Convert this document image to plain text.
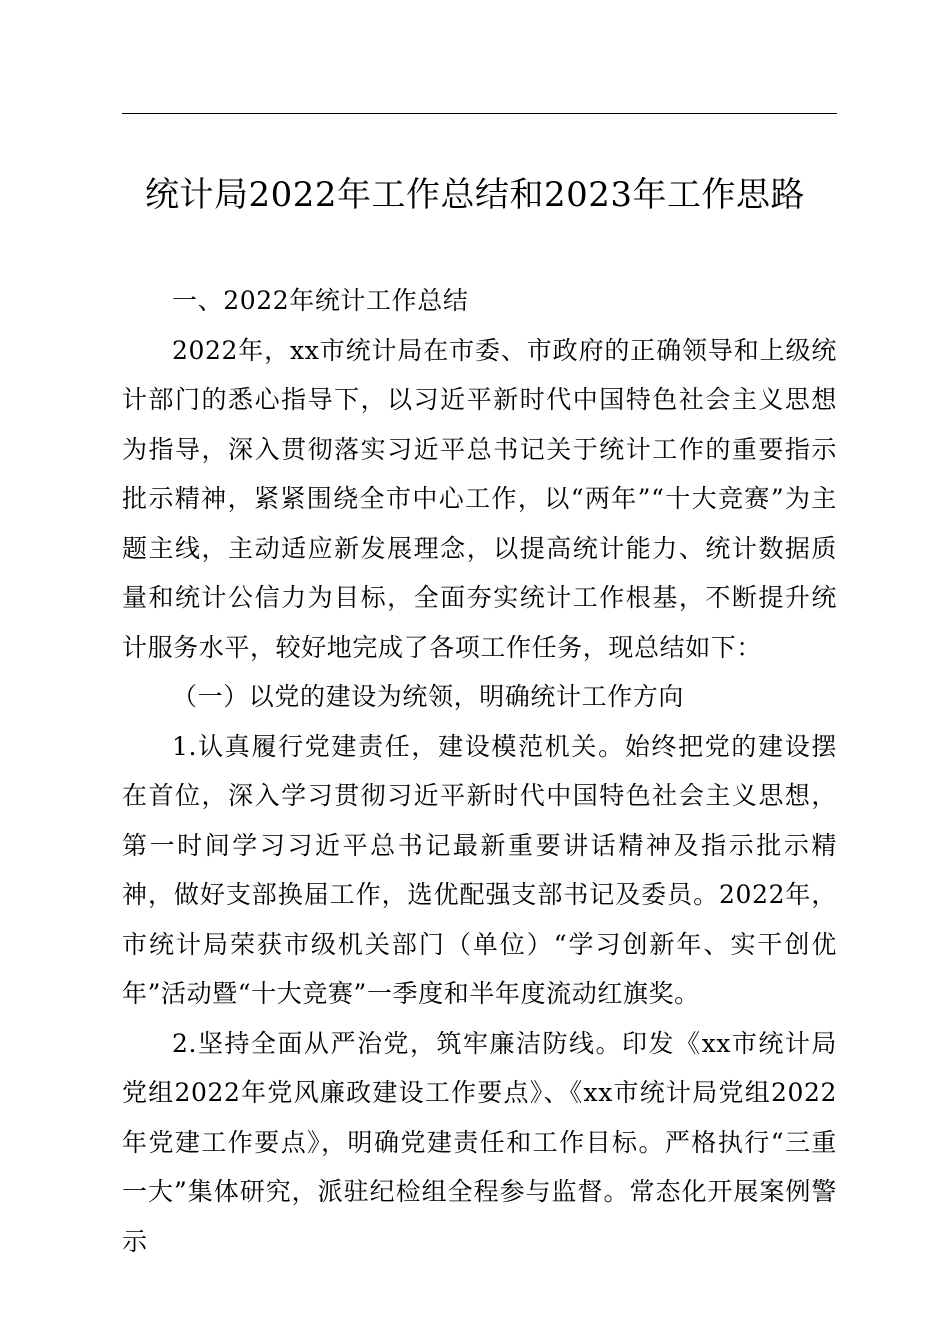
统计局2022年工作总结和2023年工作思路

一、2022年统计工作总结

2022年，xx市统计局在市委、市政府的正确领导和上级统计部门的悉心指导下，以习近平新时代中国特色社会主义思想为指导，深入贯彻落实习近平总书记关于统计工作的重要指示批示精神，紧紧围绕全市中心工作，以“两年”“十大竞赛”为主题主线，主动适应新发展理念，以提高统计能力、统计数据质量和统计公信力为目标，全面夯实统计工作根基，不断提升统计服务水平，较好地完成了各项工作任务，现总结如下：

（一）以党的建设为统领，明确统计工作方向

1.认真履行党建责任，建设模范机关。始终把党的建设摆在首位，深入学习贯彻习近平新时代中国特色社会主义思想，第一时间学习习近平总书记最新重要讲话精神及指示批示精神，做好支部换届工作，选优配强支部书记及委员。2022年，市统计局荣获市级机关部门（单位）“学习创新年、实干创优年”活动暨“十大竞赛”一季度和半年度流动红旗奖。

2.坚持全面从严治党，筑牢廉洁防线。印发《xx市统计局党组2022年党风廉政建设工作要点》、《xx市统计局党组2022年党建工作要点》，明确党建责任和工作目标。严格执行“三重一大”集体研究，派驻纪检组全程参与监督。常态化开展案例警示
